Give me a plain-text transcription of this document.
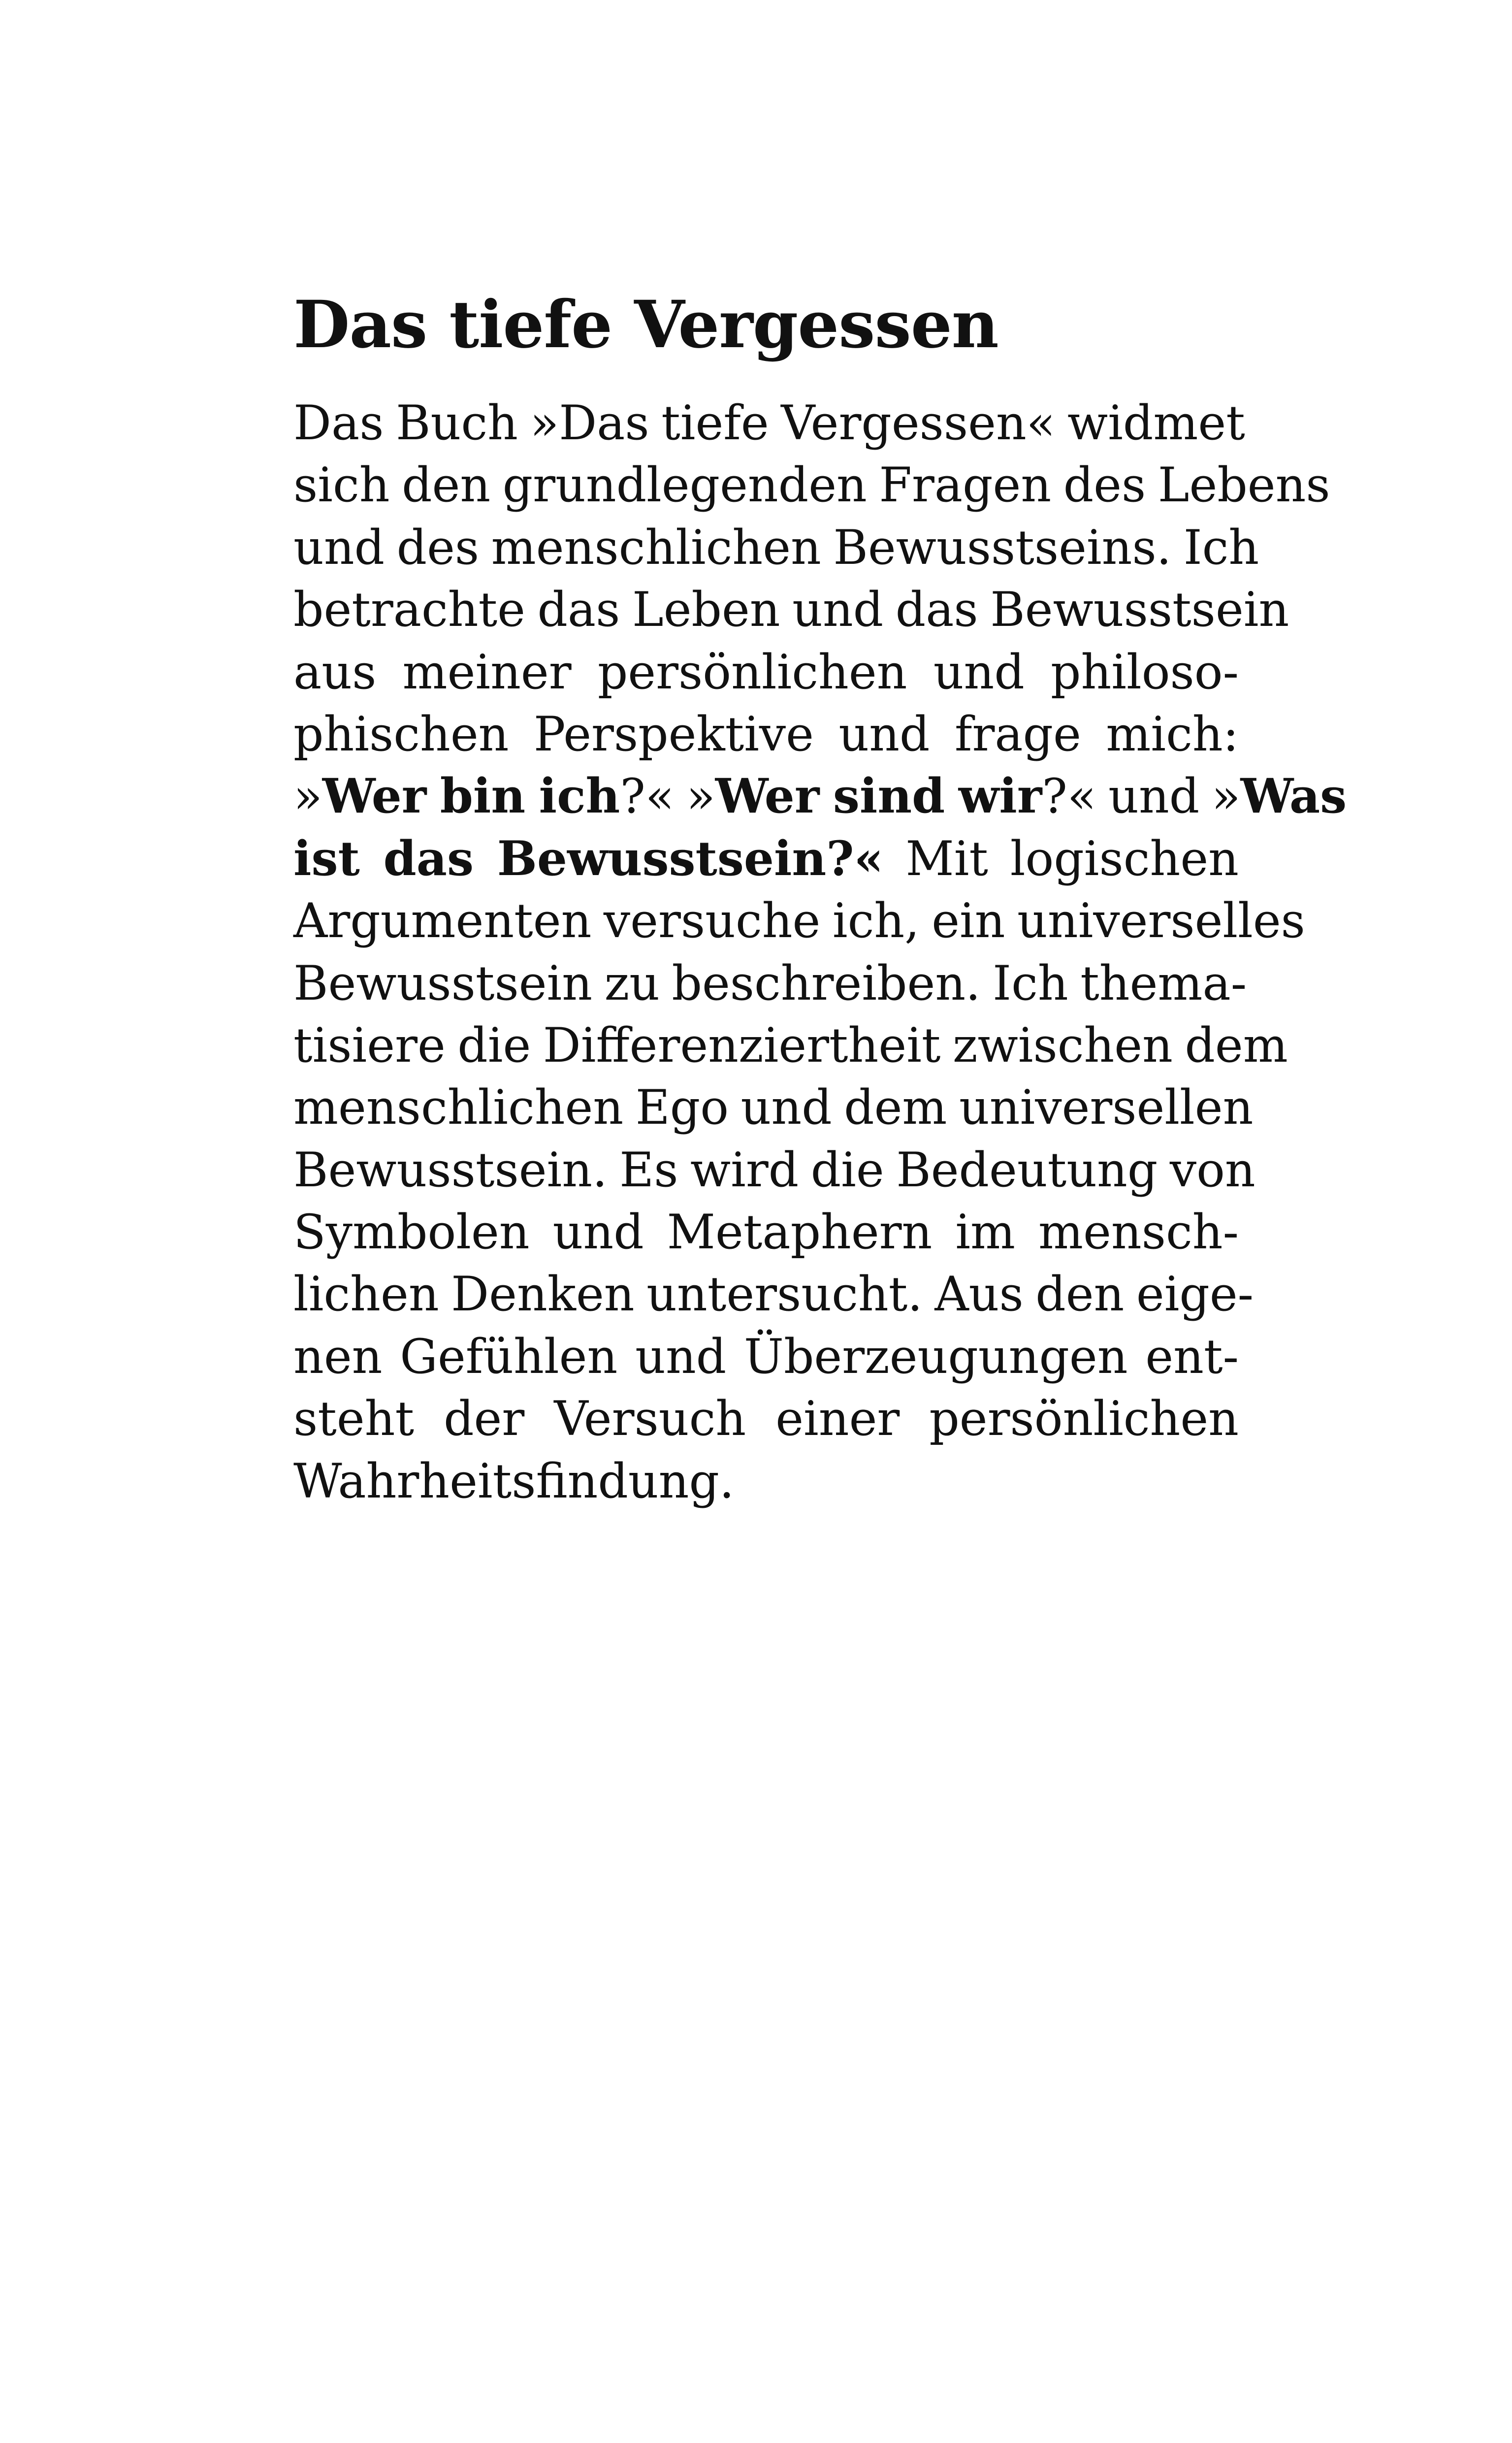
Das tiefe Vergessen
Das Buch »Das tiefe Vergessen« widmet
sich den grundlegenden Fragen des Lebens
und des menschlichen Bewusstseins. Ich
betrachte das Leben und das Bewusstsein
aus meiner persönlichen und philoso-
phischen Perspektive und frage mich:
»Wer bin ich?« »Wer sind wir?« und »Was
ist das Bewusstsein?« Mit logischen
Argumenten versuche ich, ein universelles
Bewusstsein zu beschreiben. Ich thema-
tisiere die Differenziertheit zwischen dem
menschlichen Ego und dem universellen
Bewusstsein. Es wird die Bedeutung von
Symbolen und Metaphern im mensch-
lichen Denken untersucht. Aus den eige-
nen Gefühlen und Überzeugungen ent-
steht der Versuch einer persönlichen
Wahrheitsfindung.
